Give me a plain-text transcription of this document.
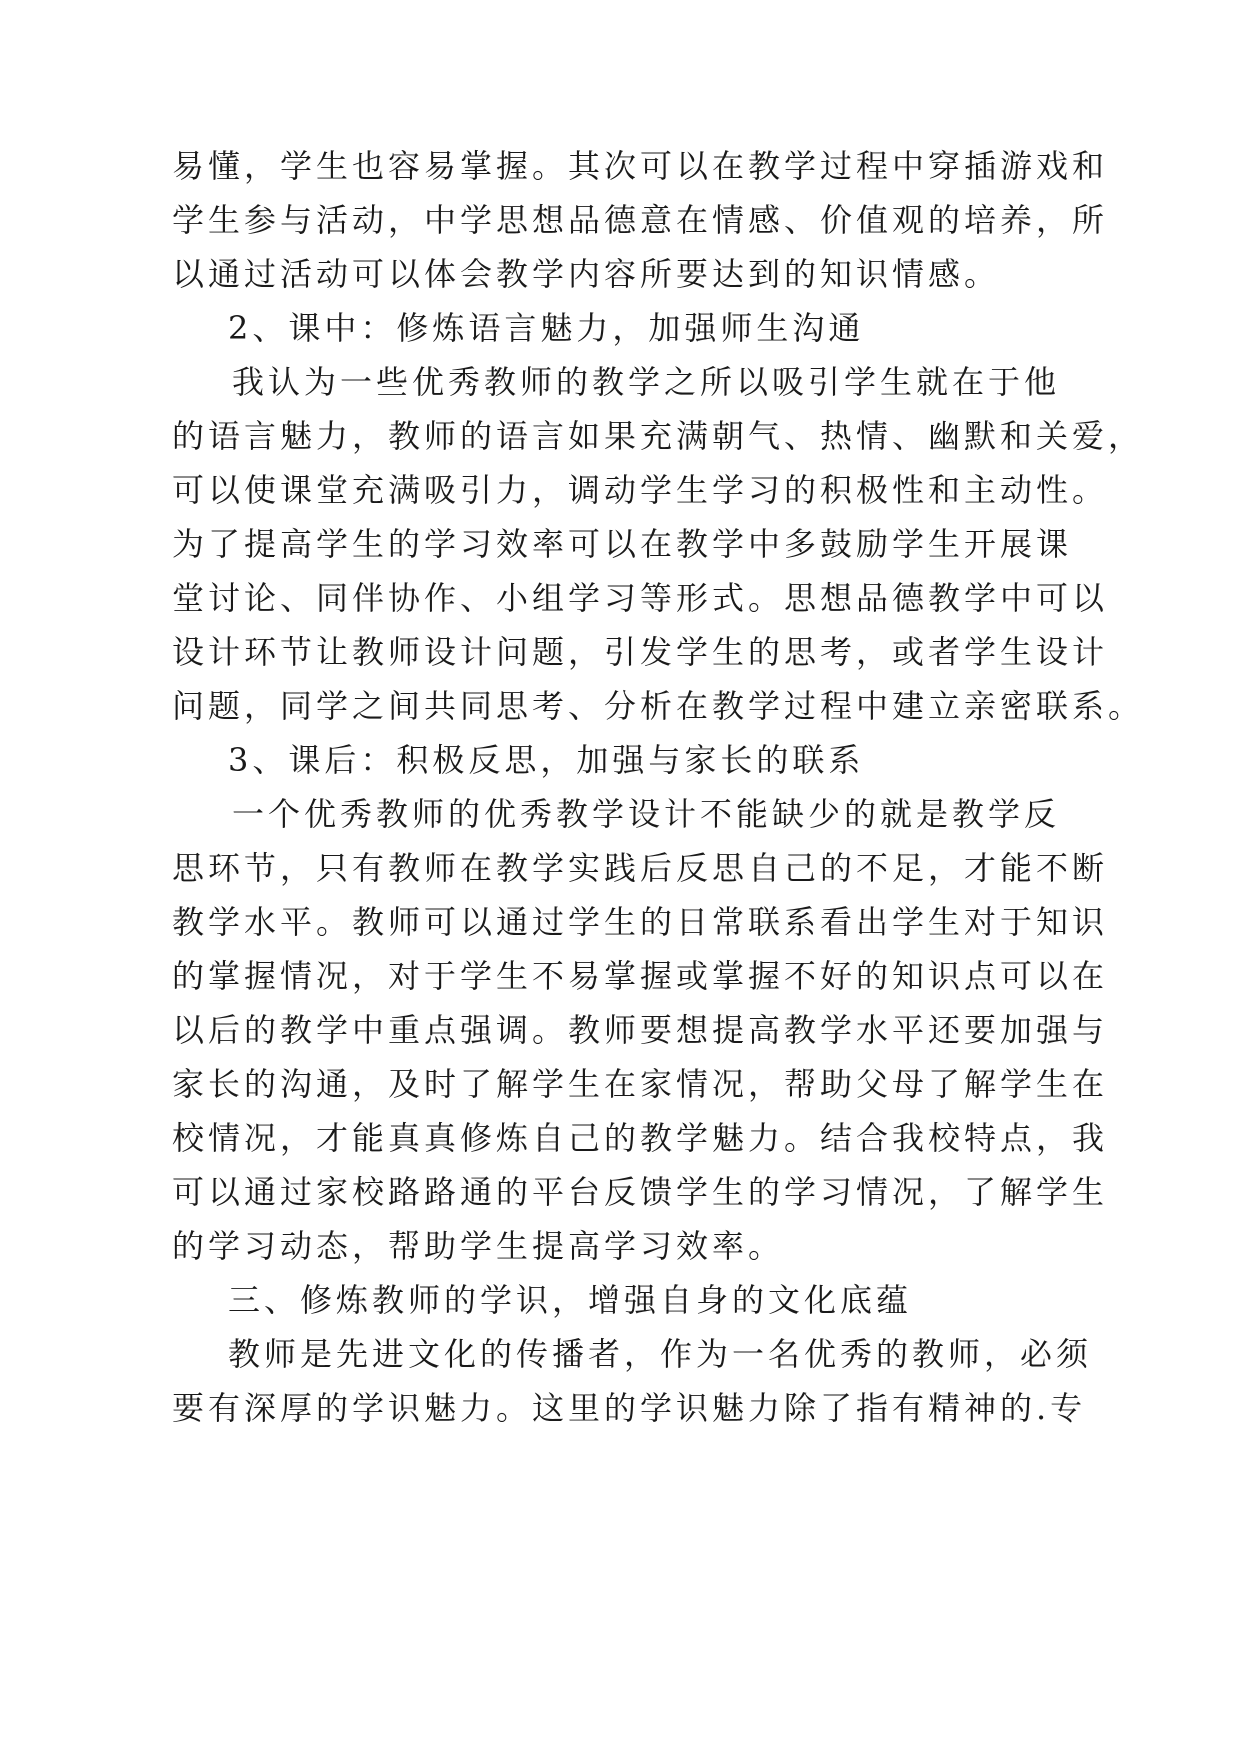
易懂，学生也容易掌握。其次可以在教学过程中穿插游戏和
学生参与活动，中学思想品德意在情感、价值观的培养，所
以通过活动可以体会教学内容所要达到的知识情感。
2、课中：修炼语言魅力，加强师生沟通
我认为一些优秀教师的教学之所以吸引学生就在于他
的语言魅力，教师的语言如果充满朝气、热情、幽默和关爱，
可以使课堂充满吸引力，调动学生学习的积极性和主动性。
为了提高学生的学习效率可以在教学中多鼓励学生开展课
堂讨论、同伴协作、小组学习等形式。思想品德教学中可以
设计环节让教师设计问题，引发学生的思考，或者学生设计
问题，同学之间共同思考、分析在教学过程中建立亲密联系。
3、课后：积极反思，加强与家长的联系
一个优秀教师的优秀教学设计不能缺少的就是教学反
思环节，只有教师在教学实践后反思自己的不足，才能不断
教学水平。教师可以通过学生的日常联系看出学生对于知识
的掌握情况，对于学生不易掌握或掌握不好的知识点可以在
以后的教学中重点强调。教师要想提高教学水平还要加强与
家长的沟通，及时了解学生在家情况，帮助父母了解学生在
校情况，才能真真修炼自己的教学魅力。结合我校特点，我
可以通过家校路路通的平台反馈学生的学习情况，了解学生
的学习动态，帮助学生提高学习效率。
三、修炼教师的学识，增强自身的文化底蕴
教师是先进文化的传播者，作为一名优秀的教师，必须
要有深厚的学识魅力。这里的学识魅力除了指有精神的.专
